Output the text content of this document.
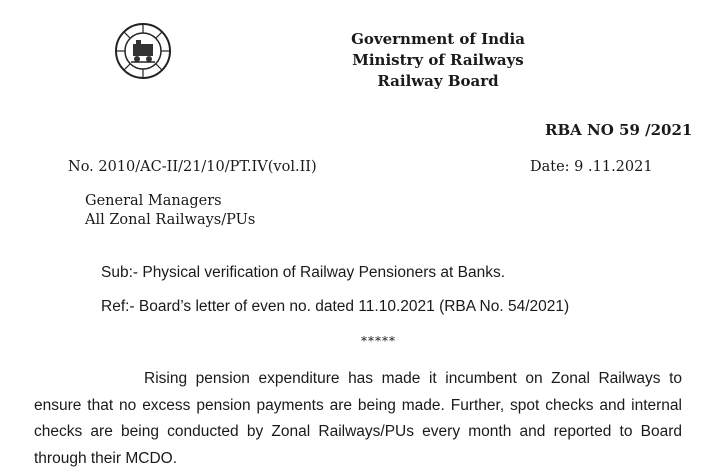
Government of India
Ministry of Railways
Railway Board
RBA NO 59 /2021
No. 2010/AC-II/21/10/PT.IV(vol.II)	Date: 9 .11.2021
General Managers
All Zonal Railways/PUs
Sub:- Physical verification of Railway Pensioners at Banks.
Ref:- Board’s letter of even no. dated 11.10.2021 (RBA No. 54/2021)
*****
Rising pension expenditure has made it incumbent on Zonal Railways to ensure that no excess pension payments are being made. Further, spot checks and internal checks are being conducted by Zonal Railways/PUs every month and reported to Board through their MCDO.
